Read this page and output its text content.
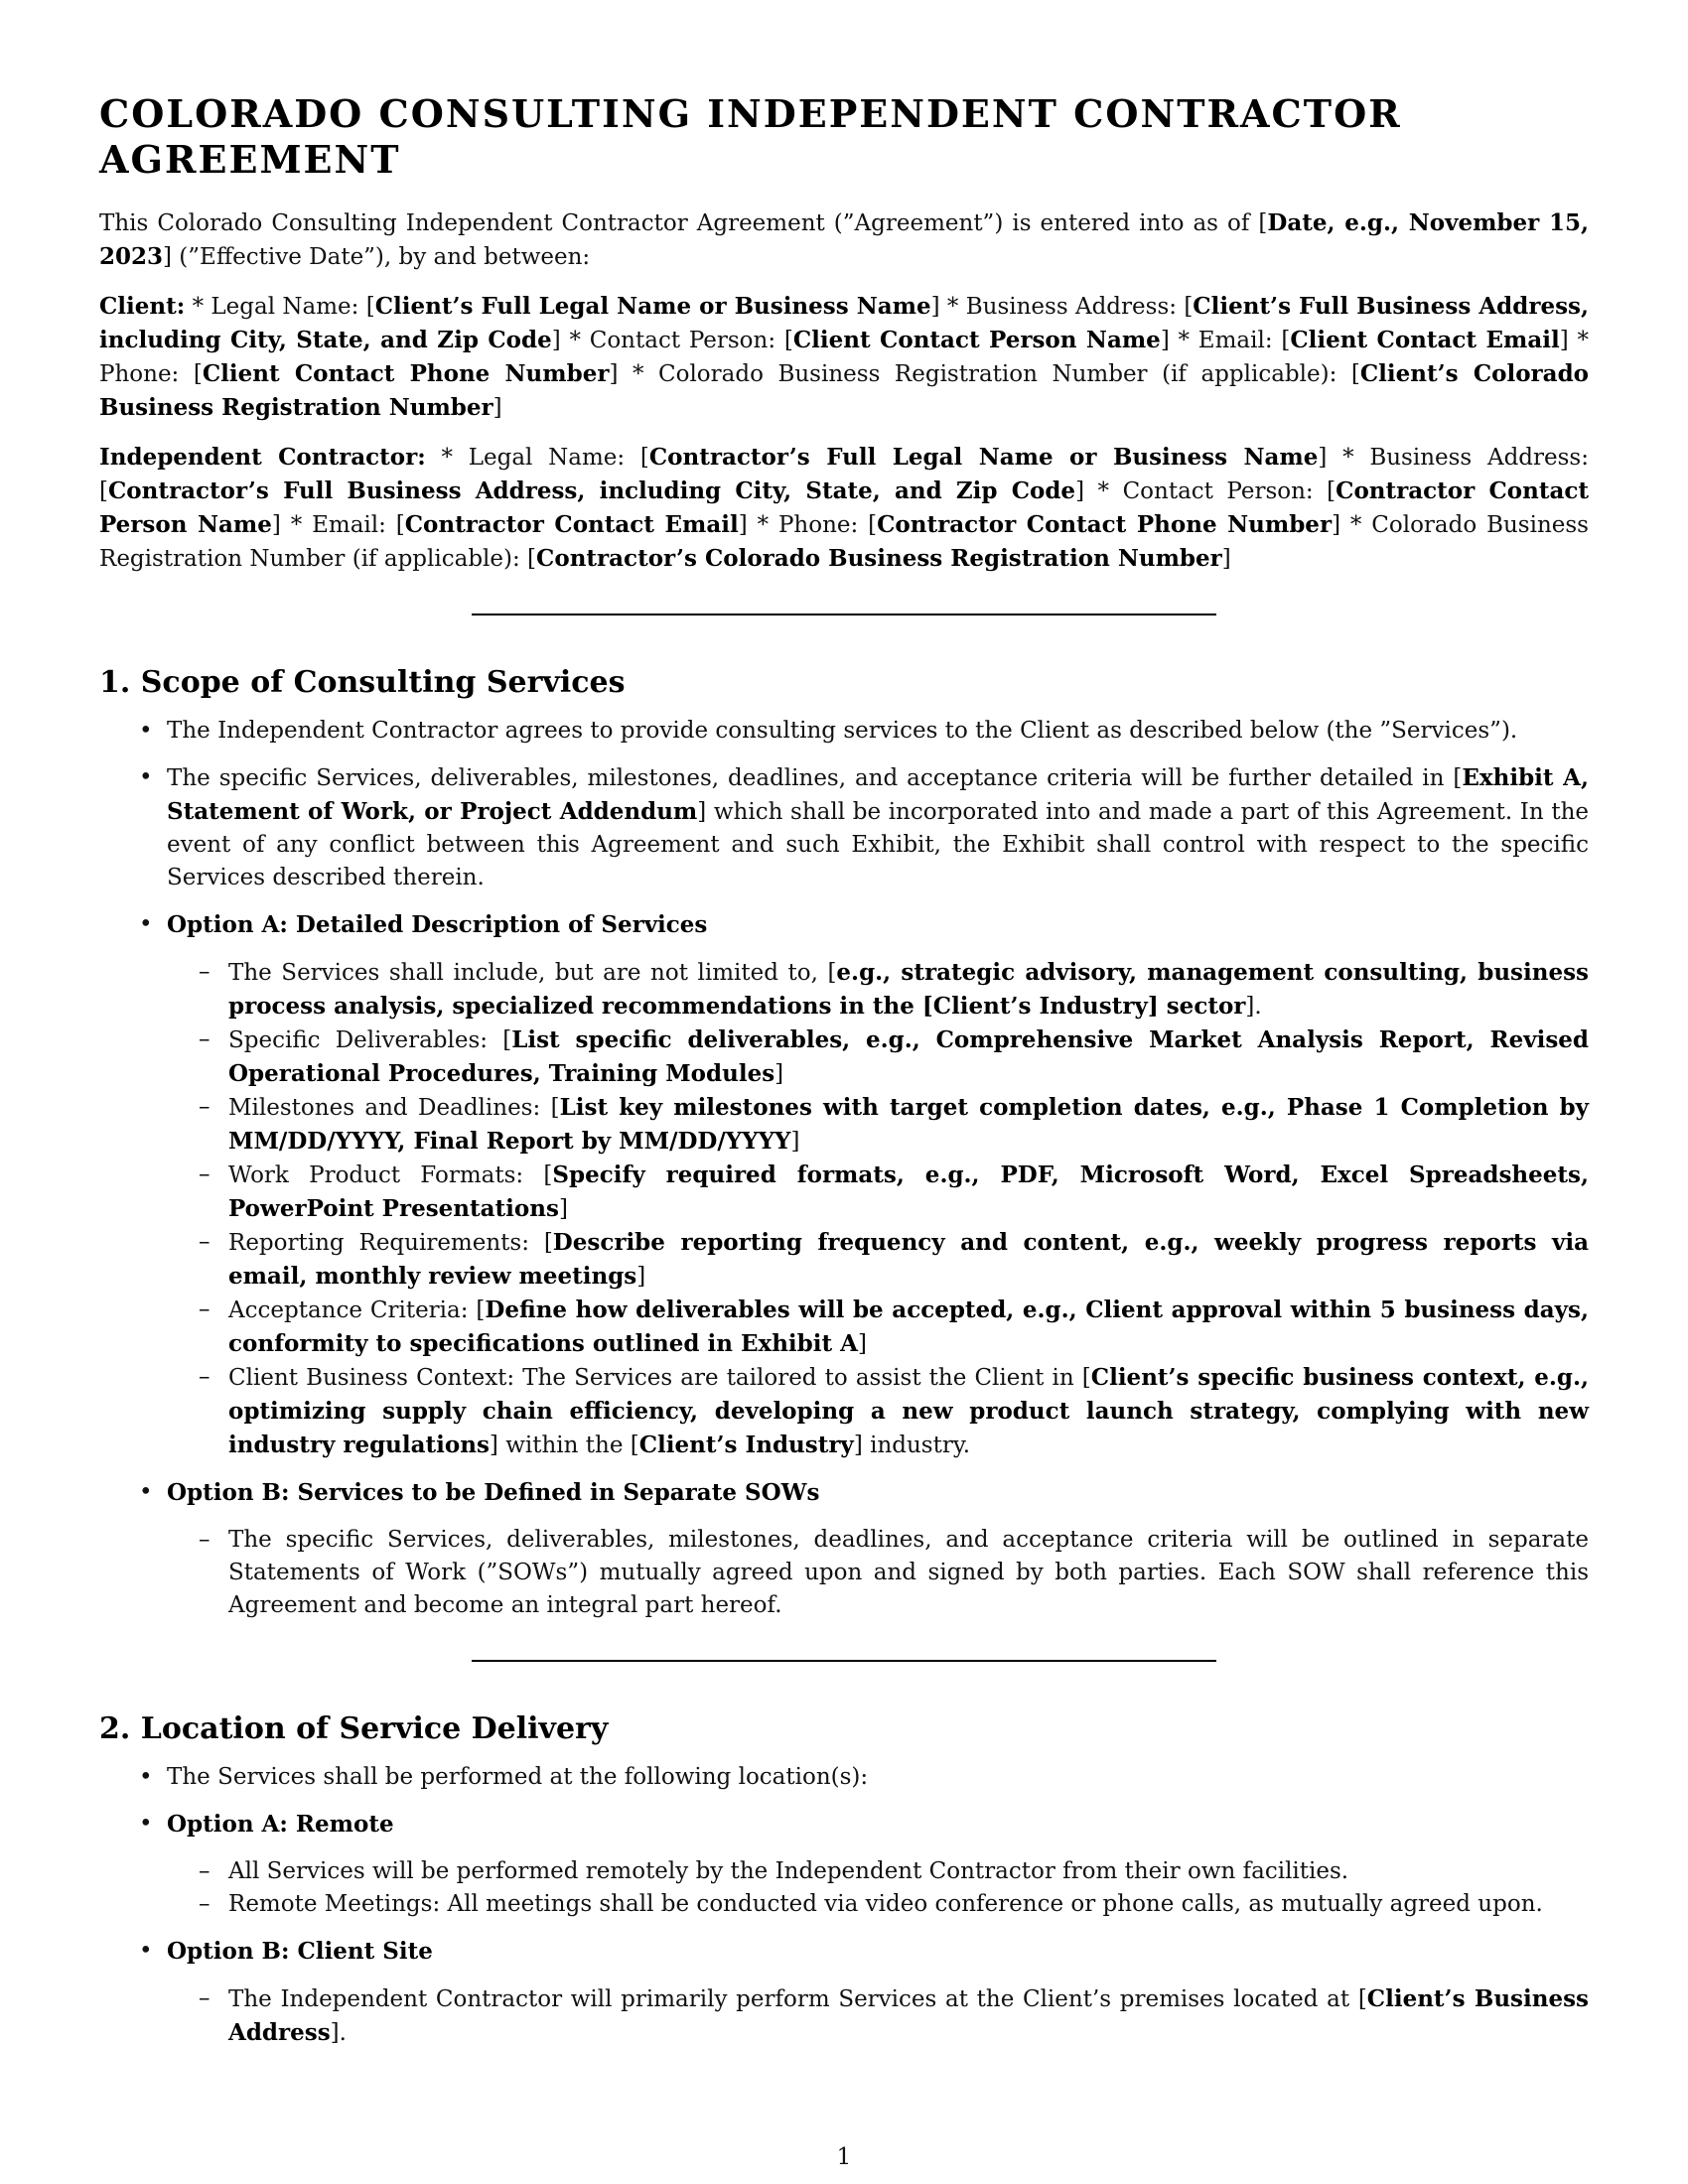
COLORADO CONSULTING INDEPENDENT CONTRACTOR AGREEMENT

This Colorado Consulting Independent Contractor Agreement (”Agreement”) is entered into as of [Date, e.g., November 15, 2023] (”Effective Date”), by and between:

Client: * Legal Name: [Client’s Full Legal Name or Business Name] * Business Address: [Client’s Full Business Address, including City, State, and Zip Code] * Contact Person: [Client Contact Person Name] * Email: [Client Contact Email] * Phone: [Client Contact Phone Number] * Colorado Business Registration Number (if applicable): [Client’s Colorado Business Registration Number]

Independent Contractor: * Legal Name: [Contractor’s Full Legal Name or Business Name] * Business Address: [Contractor’s Full Business Address, including City, State, and Zip Code] * Contact Person: [Contractor Contact Person Name] * Email: [Contractor Contact Email] * Phone: [Contractor Contact Phone Number] * Colorado Business Registration Number (if applicable): [Contractor’s Colorado Business Registration Number]

1. Scope of Consulting Services
• The Independent Contractor agrees to provide consulting services to the Client as described below (the ”Services”).
• The specific Services, deliverables, milestones, deadlines, and acceptance criteria will be further detailed in [Exhibit A, Statement of Work, or Project Addendum] which shall be incorporated into and made a part of this Agreement. In the event of any conflict between this Agreement and such Exhibit, the Exhibit shall control with respect to the specific Services described therein.
• Option A: Detailed Description of Services
– The Services shall include, but are not limited to, [e.g., strategic advisory, management consulting, business process analysis, specialized recommendations in the [Client’s Industry] sector].
– Specific Deliverables: [List specific deliverables, e.g., Comprehensive Market Analysis Report, Revised Operational Procedures, Training Modules]
– Milestones and Deadlines: [List key milestones with target completion dates, e.g., Phase 1 Completion by MM/DD/YYYY, Final Report by MM/DD/YYYY]
– Work Product Formats: [Specify required formats, e.g., PDF, Microsoft Word, Excel Spreadsheets, PowerPoint Presentations]
– Reporting Requirements: [Describe reporting frequency and content, e.g., weekly progress reports via email, monthly review meetings]
– Acceptance Criteria: [Define how deliverables will be accepted, e.g., Client approval within 5 business days, conformity to specifications outlined in Exhibit A]
– Client Business Context: The Services are tailored to assist the Client in [Client’s specific business context, e.g., optimizing supply chain efficiency, developing a new product launch strategy, complying with new industry regulations] within the [Client’s Industry] industry.
• Option B: Services to be Defined in Separate SOWs
– The specific Services, deliverables, milestones, deadlines, and acceptance criteria will be outlined in separate Statements of Work (”SOWs”) mutually agreed upon and signed by both parties. Each SOW shall reference this Agreement and become an integral part hereof.
2. Location of Service Delivery
• The Services shall be performed at the following location(s):
• Option A: Remote
– All Services will be performed remotely by the Independent Contractor from their own facilities.
– Remote Meetings: All meetings shall be conducted via video conference or phone calls, as mutually agreed upon.
• Option B: Client Site
– The Independent Contractor will primarily perform Services at the Client’s premises located at [Client’s Business Address].
1
